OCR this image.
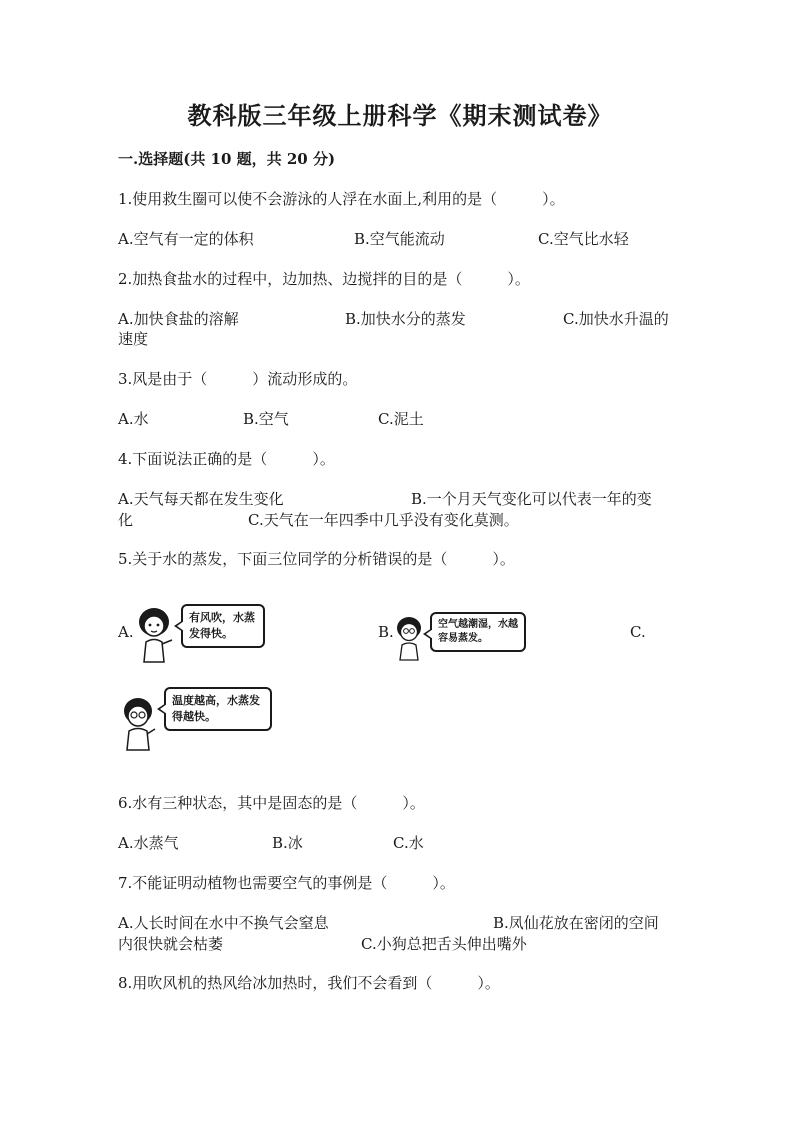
教科版三年级上册科学《期末测试卷》
一.选择题(共 10 题，共 20 分)
1.使用救生圈可以使不会游泳的人浮在水面上,利用的是（　　　）。
A.空气有一定的体积	B.空气能流动	C.空气比水轻
2.加热食盐水的过程中，边加热、边搅拌的目的是（　　　）。
A.加快食盐的溶解	B.加快水分的蒸发	C.加快水升温的
速度
3.风是由于（　　　）流动形成的。
A.水	B.空气	C.泥土
4.下面说法正确的是（　　　）。
A.天气每天都在发生变化	B.一个月天气变化可以代表一年的变
化	C.天气在一年四季中几乎没有变化莫测。
5.关于水的蒸发，下面三位同学的分析错误的是（　　　）。
A.
有风吹，水蒸发得快。	B.	空气越潮湿，水越容易蒸发。	C.
温度越高，水蒸发得越快。
6.水有三种状态，其中是固态的是（　　　）。
A.水蒸气	B.冰	C.水
7.不能证明动植物也需要空气的事例是（　　　）。
A.人长时间在水中不换气会窒息	B.凤仙花放在密闭的空间
内很快就会枯萎	C.小狗总把舌头伸出嘴外
8.用吹风机的热风给冰加热时，我们不会看到（　　　）。
